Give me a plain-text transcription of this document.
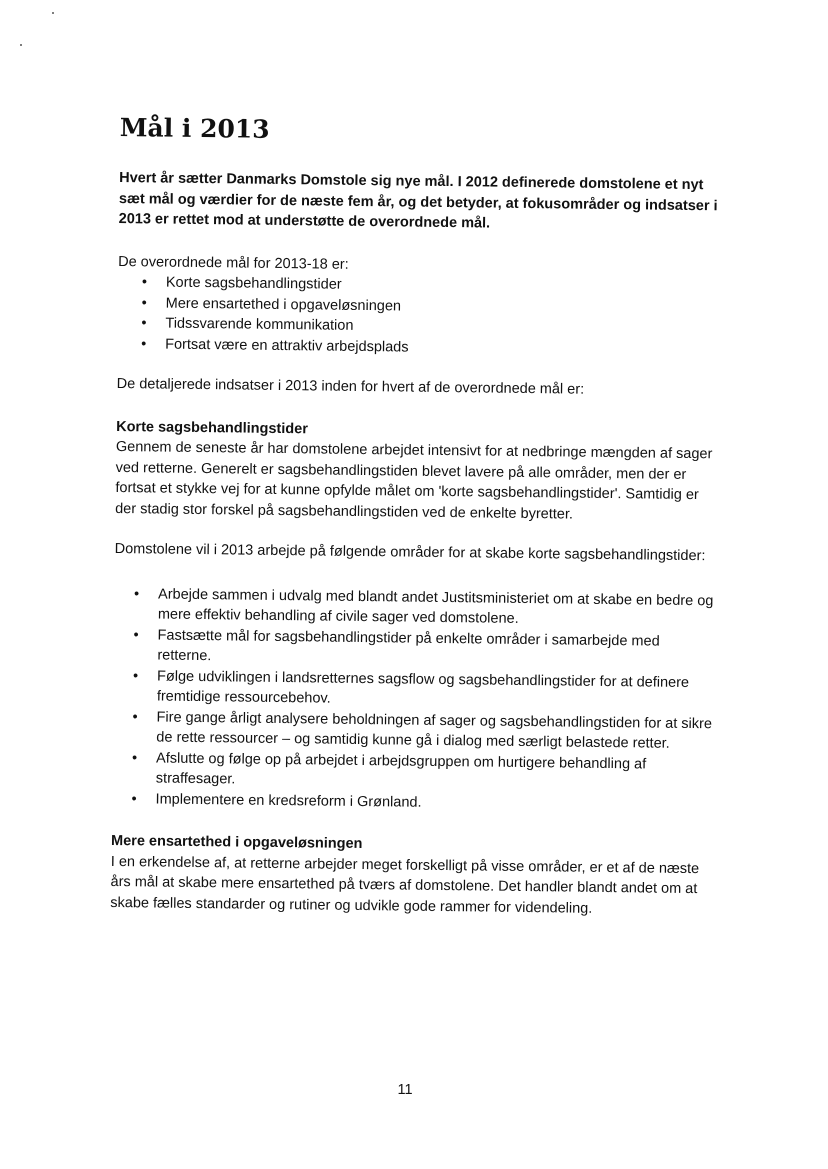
Mål i 2013

Hvert år sætter Danmarks Domstole sig nye mål. I 2012 definerede domstolene et nyt sæt mål og værdier for de næste fem år, og det betyder, at fokusområder og indsatser i 2013 er rettet mod at understøtte de overordnede mål.

De overordnede mål for 2013-18 er:

• Korte sagsbehandlingstider
• Mere ensartethed i opgaveløsningen
• Tidssvarende kommunikation
• Fortsat være en attraktiv arbejdsplads

De detaljerede indsatser i 2013 inden for hvert af de overordnede mål er:

Korte sagsbehandlingstider

Gennem de seneste år har domstolene arbejdet intensivt for at nedbringe mængden af sager ved retterne. Generelt er sagsbehandlingstiden blevet lavere på alle områder, men der er fortsat et stykke vej for at kunne opfylde målet om 'korte sagsbehandlingstider'. Samtidig er der stadig stor forskel på sagsbehandlingstiden ved de enkelte byretter.

Domstolene vil i 2013 arbejde på følgende områder for at skabe korte sagsbehandlingstider:

• Arbejde sammen i udvalg med blandt andet Justitsministeriet om at skabe en bedre og mere effektiv behandling af civile sager ved domstolene.
• Fastsætte mål for sagsbehandlingstider på enkelte områder i samarbejde med retterne.
• Følge udviklingen i landsretternes sagsflow og sagsbehandlingstider for at definere fremtidige ressourcebehov.
• Fire gange årligt analysere beholdningen af sager og sagsbehandlingstiden for at sikre de rette ressourcer – og samtidig kunne gå i dialog med særligt belastede retter.
• Afslutte og følge op på arbejdet i arbejdsgruppen om hurtigere behandling af straffesager.
• Implementere en kredsreform i Grønland.
Mere ensartethed i opgaveløsningen

I en erkendelse af, at retterne arbejder meget forskelligt på visse områder, er et af de næste års mål at skabe mere ensartethed på tværs af domstolene. Det handler blandt andet om at skabe fælles standarder og rutiner og udvikle gode rammer for videndeling.

11
